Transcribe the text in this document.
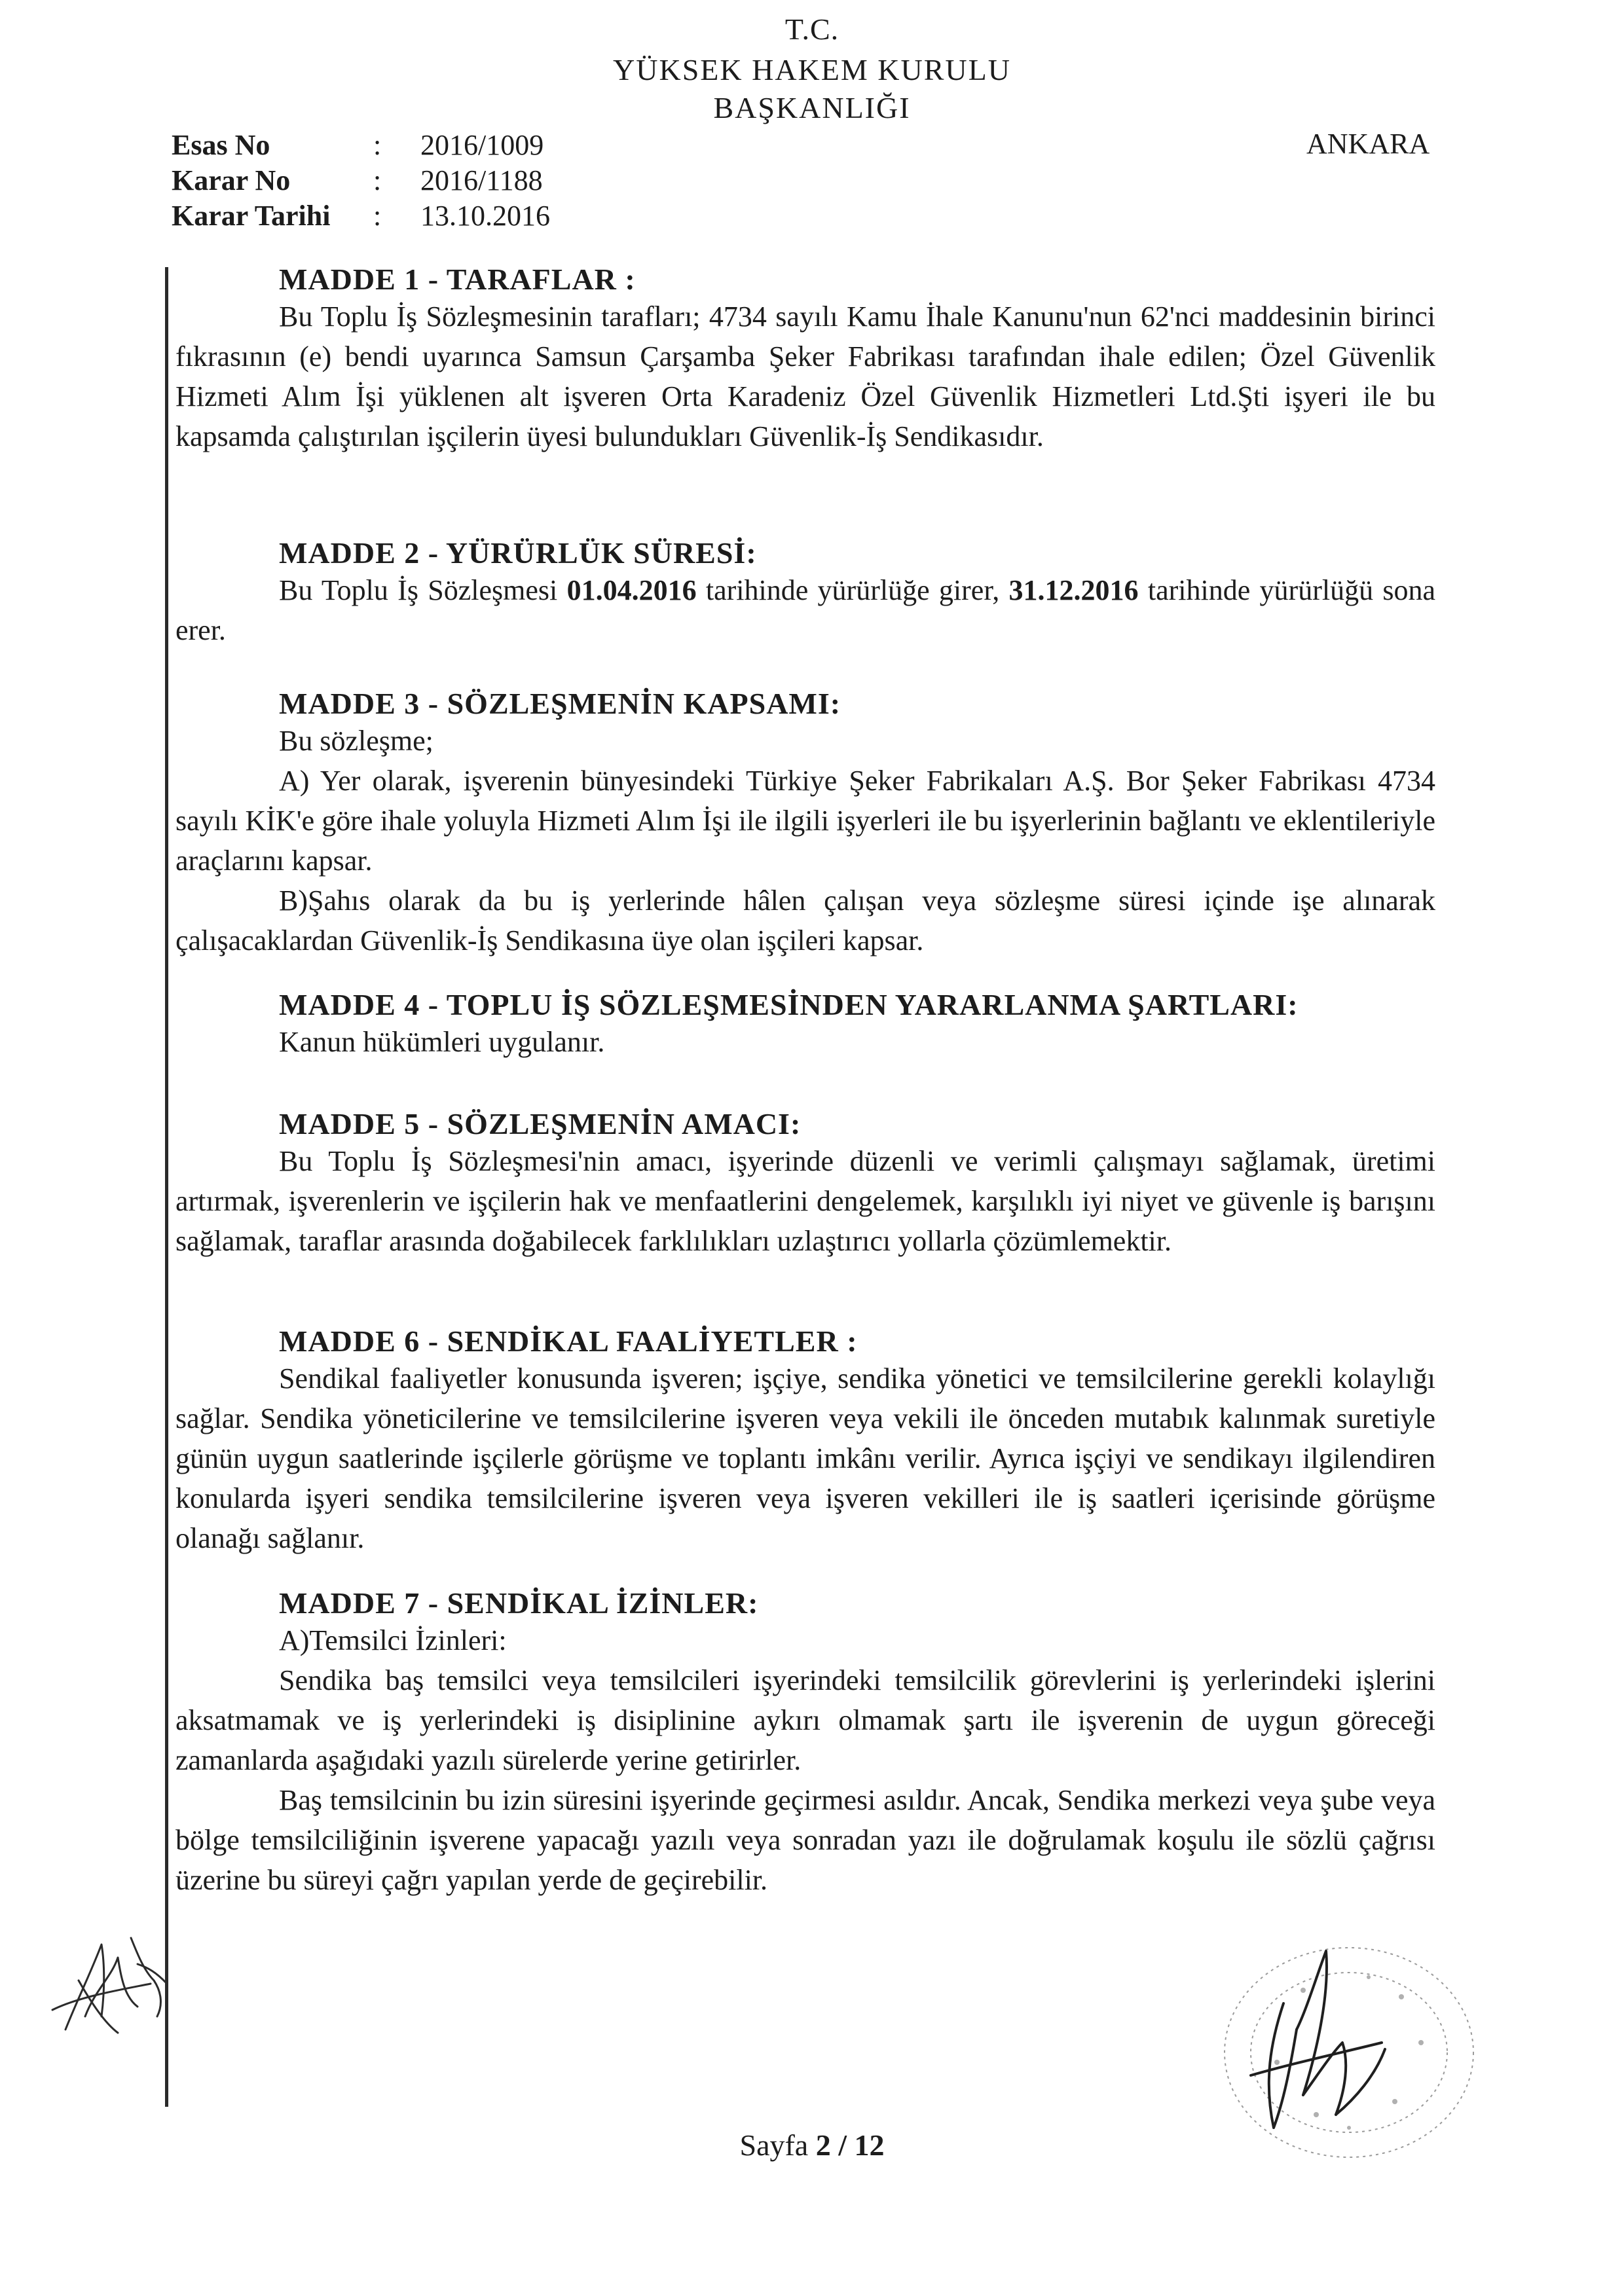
T.C.
YÜKSEK HAKEM KURULU
BAŞKANLIĞI
Esas No	: 2016/1009
Karar No	: 2016/1188
Karar Tarihi : 13.10.2016
ANKARA
MADDE 1 - TARAFLAR :

Bu Toplu İş Sözleşmesinin tarafları; 4734 sayılı Kamu İhale Kanunu'nun 62'nci maddesinin birinci fıkrasının (e) bendi uyarınca Samsun Çarşamba Şeker Fabrikası tarafından ihale edilen; Özel Güvenlik Hizmeti Alım İşi yüklenen alt işveren Orta Karadeniz Özel Güvenlik Hizmetleri Ltd.Şti işyeri ile bu kapsamda çalıştırılan işçilerin üyesi bulundukları Güvenlik-İş Sendikasıdır.

MADDE 2 - YÜRÜRLÜK SÜRESİ:

Bu Toplu İş Sözleşmesi 01.04.2016 tarihinde yürürlüğe girer, 31.12.2016 tarihinde yürürlüğü sona erer.

MADDE 3 - SÖZLEŞMENİN KAPSAMI:
Bu sözleşme;

A) Yer olarak, işverenin bünyesindeki Türkiye Şeker Fabrikaları A.Ş. Bor Şeker Fabrikası 4734 sayılı KİK'e göre ihale yoluyla Hizmeti Alım İşi ile ilgili işyerleri ile bu işyerlerinin bağlantı ve eklentileriyle araçlarını kapsar.

B)Şahıs olarak da bu iş yerlerinde hâlen çalışan veya sözleşme süresi içinde işe alınarak çalışacaklardan Güvenlik-İş Sendikasına üye olan işçileri kapsar.

MADDE 4 - TOPLU İŞ SÖZLEŞMESİNDEN YARARLANMA ŞARTLARI:
Kanun hükümleri uygulanır.
MADDE 5 - SÖZLEŞMENİN AMACI:

Bu Toplu İş Sözleşmesi'nin amacı, işyerinde düzenli ve verimli çalışmayı sağlamak, üretimi artırmak, işverenlerin ve işçilerin hak ve menfaatlerini dengelemek, karşılıklı iyi niyet ve güvenle iş barışını sağlamak, taraflar arasında doğabilecek farklılıkları uzlaştırıcı yollarla çözümlemektir.

MADDE 6 - SENDİKAL FAALİYETLER :

Sendikal faaliyetler konusunda işveren; işçiye, sendika yönetici ve temsilcilerine gerekli kolaylığı sağlar. Sendika yöneticilerine ve temsilcilerine işveren veya vekili ile önceden mutabık kalınmak suretiyle günün uygun saatlerinde işçilerle görüşme ve toplantı imkânı verilir. Ayrıca işçiyi ve sendikayı ilgilendiren konularda işyeri sendika temsilcilerine işveren veya işveren vekilleri ile iş saatleri içerisinde görüşme olanağı sağlanır.

MADDE 7 - SENDİKAL İZİNLER:
A)Temsilci İzinleri:

Sendika baş temsilci veya temsilcileri işyerindeki temsilcilik görevlerini iş yerlerindeki işlerini aksatmamak ve iş yerlerindeki iş disiplinine aykırı olmamak şartı ile işverenin de uygun göreceği zamanlarda aşağıdaki yazılı sürelerde yerine getirirler.

Baş temsilcinin bu izin süresini işyerinde geçirmesi asıldır. Ancak, Sendika merkezi veya şube veya bölge temsilciliğinin işverene yapacağı yazılı veya sonradan yazı ile doğrulamak koşulu ile sözlü çağrısı üzerine bu süreyi çağrı yapılan yerde de geçirebilir.

Sayfa 2 / 12
